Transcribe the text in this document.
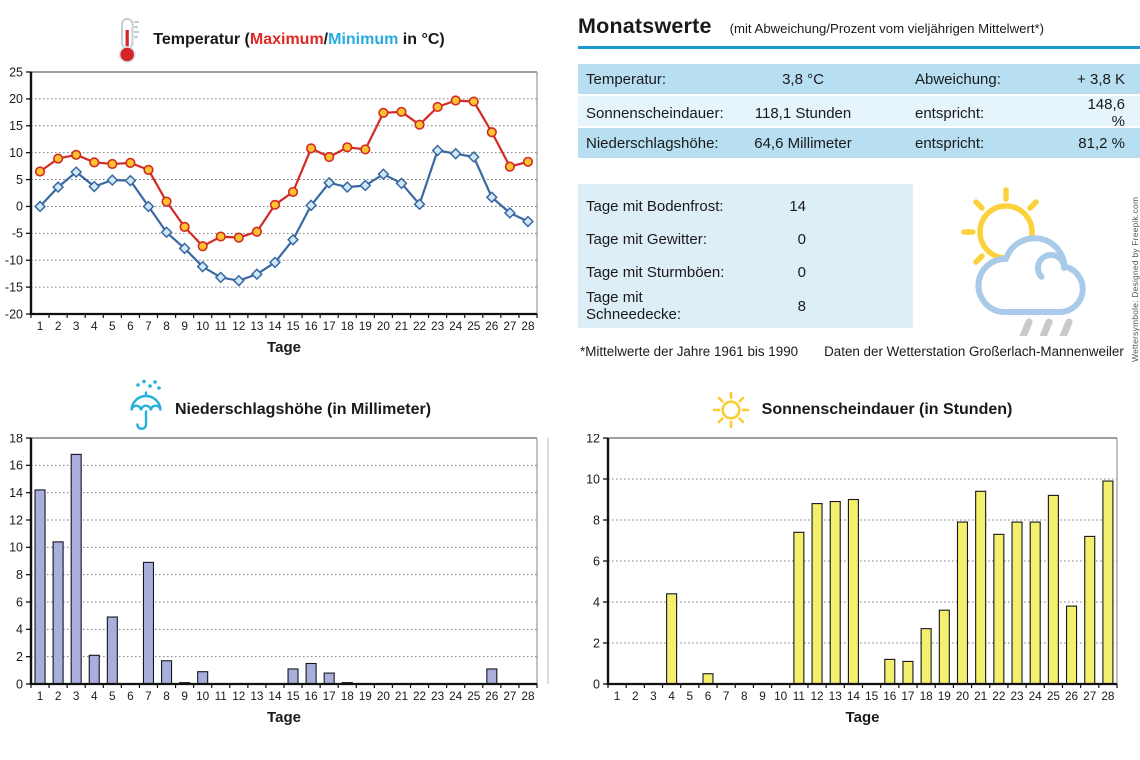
Temperatur (Maximum/Minimum in °C)
25
20
15
10
5
0
-5
-10
-15
-20
1 2 3 4 5 6 7 8 9 10 11 12 13 14 15 16 17 18 19 20 21 22 23 24 25 26 27 28
Tage
Monatswerte (mit Abweichung/Prozent vom vieljährigen Mittelwert*)
Temperatur:	3,8 °C	Abweichung:	+ 3,8 K
Sonnenscheindauer:	118,1 Stunden	entspricht:	148,6 %
Niederschlagshöhe:	64,6 Millimeter	entspricht:	81,2 %
Tage mit Bodenfrost:	14
Tage mit Gewitter:	0
Tage mit Sturmböen:	0
Tage mit Schneedecke:	8
*Mittelwerte der Jahre 1961 bis 1990 Daten der Wetterstation Großerlach-Mannenweiler
Niederschlagshöhe (in Millimeter)
18
16
14
12
10
8
6
4
2
0
1 2 3 4 5 6 7 8 9 10 11 12 13 14 15 16 17 18 19 20 21 22 23 24 25 26 27 28
Tage
Sonnenscheindauer (in Stunden)
12
10
8
6
4
2
0
1 2 3 4 5 6 7 8 9 10 11 12 13 14 15 16 17 18 19 20 21 22 23 24 25 26 27 28
Tage
Wettersymbole: Designed by Freepik.com
